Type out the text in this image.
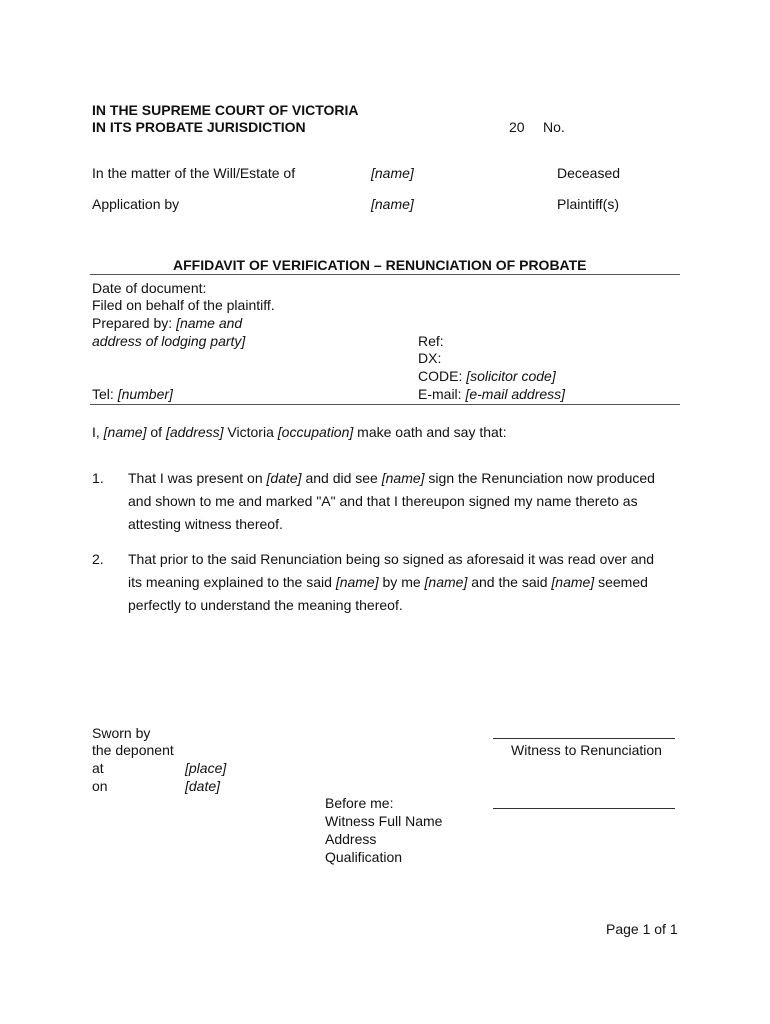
IN THE SUPREME COURT OF VICTORIA
IN ITS PROBATE JURISDICTION	20 No.
In the matter of the Will/Estate of	[name]	Deceased
Application by	[name]	Plaintiff(s)
AFFIDAVIT OF VERIFICATION – RENUNCIATION OF PROBATE
Date of document:
Filed on behalf of the plaintiff.
Prepared by: [name and
address of lodging party]
Tel: [number]
Ref:
DX:
CODE: [solicitor code]
E-mail: [e-mail address]
I, [name] of [address] Victoria [occupation] make oath and say that:
1. That I was present on [date] and did see [name] sign the Renunciation now produced
and shown to me and marked "A" and that I thereupon signed my name thereto as
attesting witness thereof.
2. That prior to the said Renunciation being so signed as aforesaid it was read over and
its meaning explained to the said [name] by me [name] and the said [name] seemed
perfectly to understand the meaning thereof.
Sworn by
the deponent
at	[place]
on	[date]
Witness to Renunciation
Before me:
Witness Full Name
Address
Qualification
Page 1 of 1
